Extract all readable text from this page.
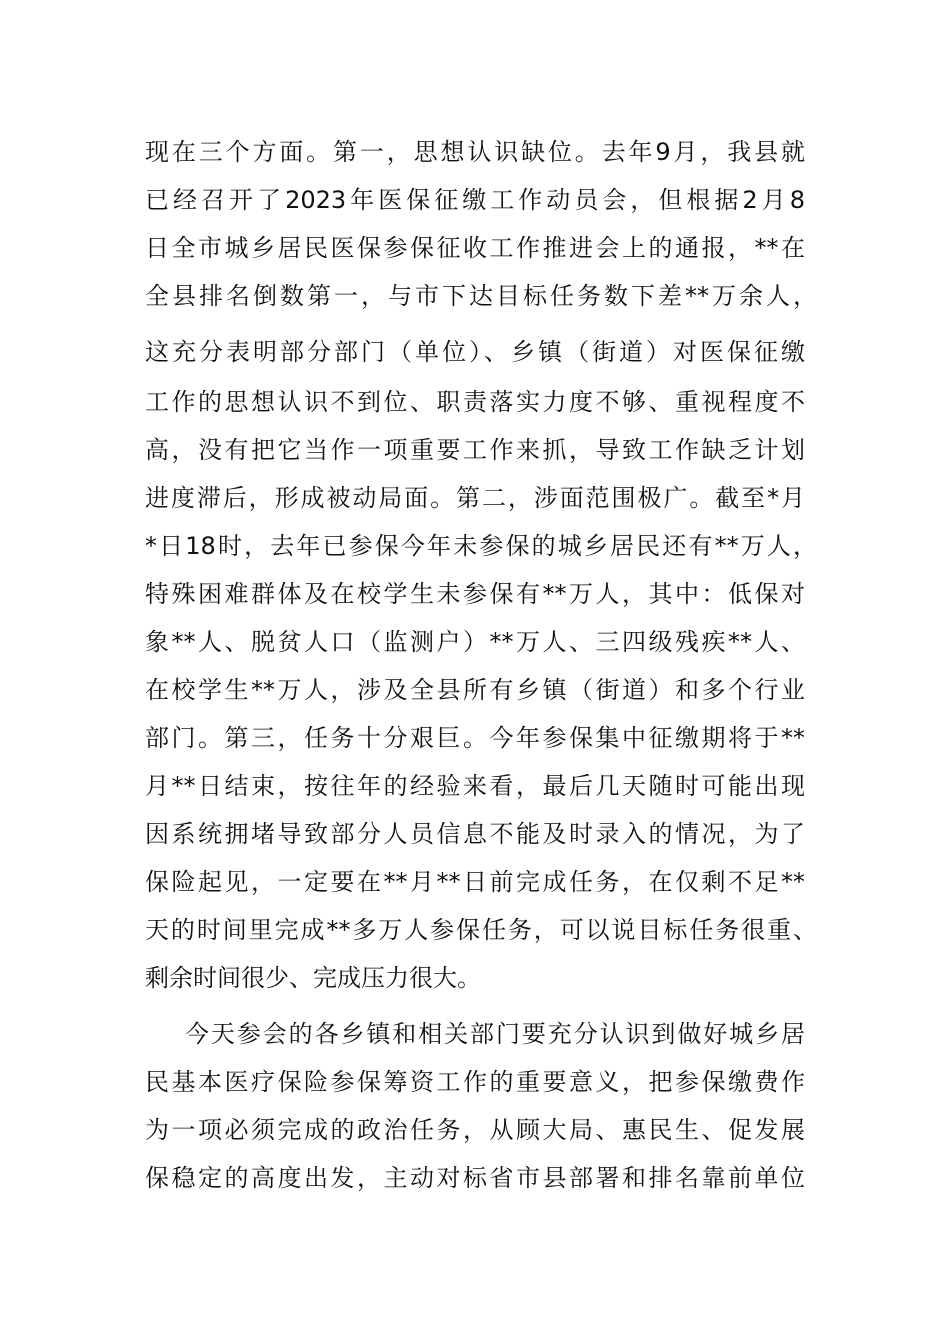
现在三个方面。第一，思想认识缺位。去年9月，我县就
已经召开了2023年医保征缴工作动员会，但根据2月8
日全市城乡居民医保参保征收工作推进会上的通报，**在
全县排名倒数第一，与市下达目标任务数下差**万余人，
这充分表明部分部门（单位）、乡镇（街道）对医保征缴
工作的思想认识不到位、职责落实力度不够、重视程度不
高，没有把它当作一项重要工作来抓，导致工作缺乏计划
进度滞后，形成被动局面。第二，涉面范围极广。截至*月
*日18时，去年已参保今年未参保的城乡居民还有**万人，
特殊困难群体及在校学生未参保有**万人，其中：低保对
象**人、脱贫人口（监测户）**万人、三四级残疾**人、
在校学生**万人，涉及全县所有乡镇（街道）和多个行业
部门。第三，任务十分艰巨。今年参保集中征缴期将于**
月**日结束，按往年的经验来看，最后几天随时可能出现
因系统拥堵导致部分人员信息不能及时录入的情况，为了
保险起见，一定要在**月**日前完成任务，在仅剩不足**
天的时间里完成**多万人参保任务，可以说目标任务很重、
剩余时间很少、完成压力很大。
今天参会的各乡镇和相关部门要充分认识到做好城乡居
民基本医疗保险参保筹资工作的重要意义，把参保缴费作
为一项必须完成的政治任务，从顾大局、惠民生、促发展
保稳定的高度出发，主动对标省市县部署和排名靠前单位
